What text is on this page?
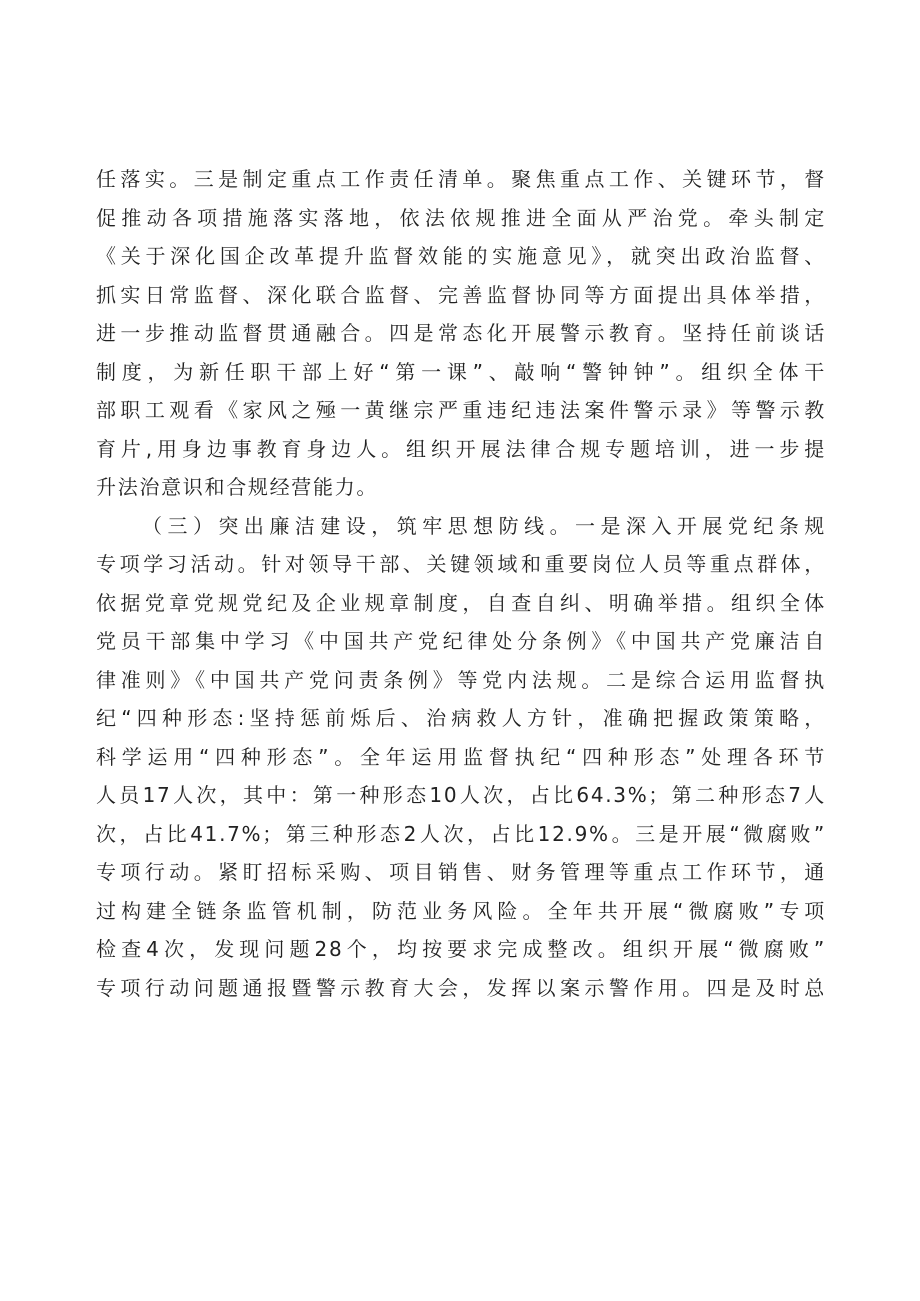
任落实。三是制定重点工作责任清单。聚焦重点工作、关键环节，督
促推动各项措施落实落地，依法依规推进全面从严治党。牵头制定
《关于深化国企改革提升监督效能的实施意见》，就突出政治监督、
抓实日常监督、深化联合监督、完善监督协同等方面提出具体举措，
进一步推动监督贯通融合。四是常态化开展警示教育。坚持任前谈话
制度，为新任职干部上好“第一课”、敲响“警钟钟”。组织全体干
部职工观看《家风之殛一黄继宗严重违纪违法案件警示录》等警示教
育片,用身边事教育身边人。组织开展法律合规专题培训，进一步提
升法治意识和合规经营能力。
（三）突出廉洁建设，筑牢思想防线。一是深入开展党纪条规
专项学习活动。针对领导干部、关键领域和重要岗位人员等重点群体，
依据党章党规党纪及企业规章制度，自查自纠、明确举措。组织全体
党员干部集中学习《中国共产党纪律处分条例》《中国共产党廉洁自
律准则》《中国共产党问责条例》等党内法规。二是综合运用监督执
纪“四种形态:坚持惩前烁后、治病救人方针，准确把握政策策略，
科学运用“四种形态”。全年运用监督执纪“四种形态”处理各环节
人员17人次，其中：第一种形态10人次，占比64.3%；第二种形态7人
次，占比41.7%；第三种形态2人次，占比12.9%。三是开展“微腐败”
专项行动。紧盯招标采购、项目销售、财务管理等重点工作环节，通
过构建全链条监管机制，防范业务风险。全年共开展“微腐败”专项
检查4次，发现问题28个，均按要求完成整改。组织开展“微腐败”
专项行动问题通报暨警示教育大会，发挥以案示警作用。四是及时总
